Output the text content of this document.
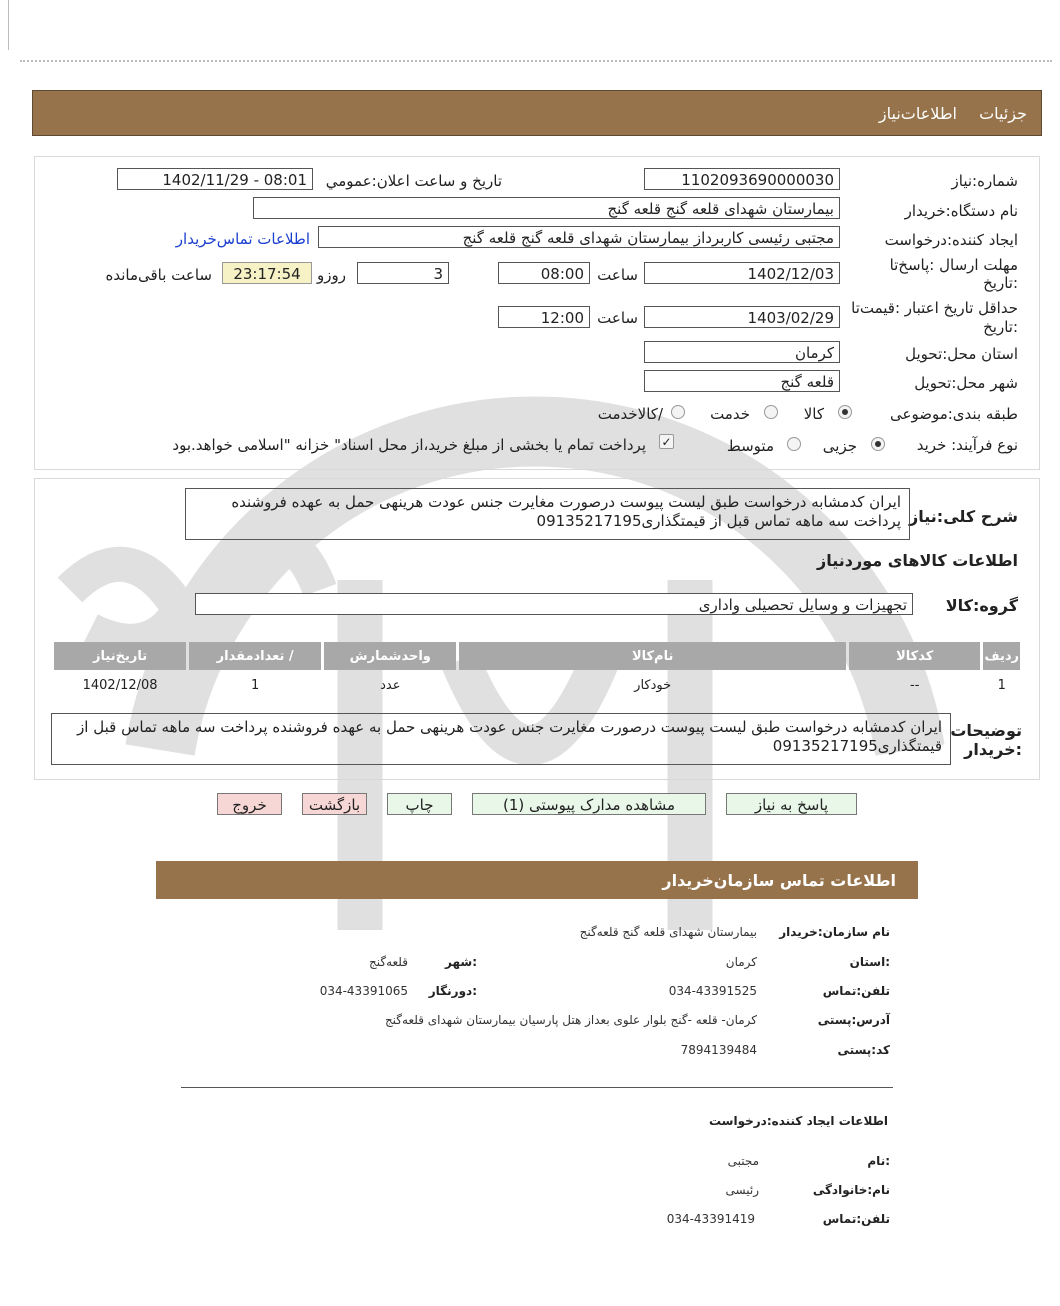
جزئیات
اطلاعات‌نیاز
شماره:نیاز
1102093690000030
تاریخ و ساعت اعلان:عمومي
1402/11/29 - 08:01
نام دستگاه:خریدار
بیمارستان شهدای قلعه گنج قلعه گنج
ایجاد کننده:درخواست
مجتبی رئیسی کاربرداز بیمارستان شهدای قلعه گنج قلعه گنج
اطلاعات تماس‌خریدار
مهلت ارسال :پاسخ‌تا
:تاریخ
1402/12/03
ساعت
08:00
3
روزو
23:17:54
ساعت باقی‌مانده
حداقل تاریخ اعتبار :قیمت‌تا
:تاریخ
1403/02/29
ساعت
12:00
استان محل:تحویل
کرمان
شهر محل:تحویل
قلعه گنج
طبقه بندی:موضوعی
کالا
خدمت
/کالاخدمت
نوع فرآیند: خرید
جزیی
متوسط
✓
پرداخت تمام یا بخشی از مبلغ خرید،از محل اسناد" خزانه "اسلامی خواهد.بود
شرح کلی:نیاز
ایران کدمشابه درخواست طبق لیست پیوست درصورت مغایرت جنس عودت هرینهی حمل به عهده فروشنده پرداخت سه ماهه تماس قبل از قیمتگذاری09135217195
اطلاعات کالاهای موردنیاز
گروه:کالا
تجهیزات و وسایل تحصیلی واداری
ردیف	کدکالا	نام‌کالا	واحدشمارش	/ تعدادمقدار	تاریخ‌نیاز
1	--	خودکار	عدد	1	1402/12/08
توضیحات
:خریدار
ایران کدمشابه درخواست طبق لیست پیوست درصورت مغایرت جنس عودت هرینهی حمل به عهده فروشنده پرداخت سه ماهه تماس قبل از قیمتگذاری09135217195
پاسخ به نیاز
مشاهده مدارک پیوستی (1)
چاپ
بازگشت
خروج
اطلاعات تماس سازمان‌خریدار
نام سازمان:خریدار
بیمارستان شهدای قلعه گنج قلعه‌گنج
:استان
کرمان
:شهر
قلعه‌گنج
تلفن:تماس
034-43391525
:دورنگار
034-43391065
آدرس:پستی
کرمان- قلعه -گنج بلوار علوی بعداز هتل پارسیان بیمارستان شهدای قلعه‌گنج
کد:پستی
7894139484
اطلاعات ایجاد کننده:درخواست
:نام
مجتبی
نام:خانوادگی
رئیسی
تلفن:تماس
034-43391419
